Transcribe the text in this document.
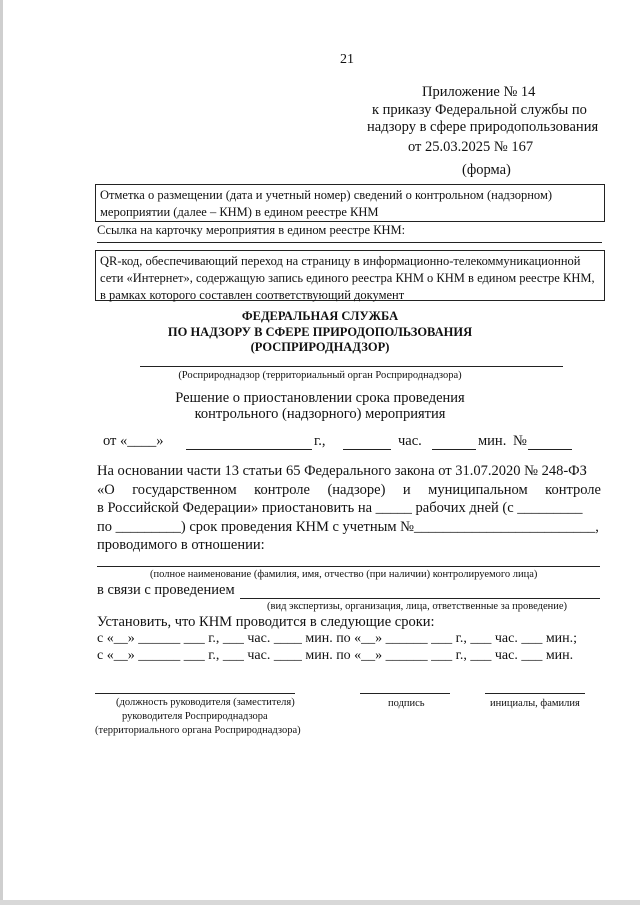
21
Приложение № 14
к приказу Федеральной службы по
надзору в сфере природопользования
от 25.03.2025 № 167
(форма)
Отметка о размещении (дата и учетный номер) сведений о контрольном (надзорном)
мероприятии (далее – КНМ) в едином реестре КНМ
Ссылка на карточку мероприятия в едином реестре КНМ:
QR-код, обеспечивающий переход на страницу в информационно-телекоммуникационной
сети «Интернет», содержащую запись единого реестра КНМ о КНМ в едином реестре КНМ,
в рамках которого составлен соответствующий документ
ФЕДЕРАЛЬНАЯ СЛУЖБА
ПО НАДЗОРУ В СФЕРЕ ПРИРОДОПОЛЬЗОВАНИЯ
(РОСПРИРОДНАДЗОР)
(Росприроднадзор (территориальный орган Росприроднадзора)
Решение о приостановлении срока проведения
контрольного (надзорного) мероприятия
от «____»	г.,	час.	мин. №
На основании части 13 статьи 65 Федерального закона от 31.07.2020 № 248-ФЗ
«О государственном контроле (надзоре) и муниципальном контроле
в Российской Федерации» приостановить на _____ рабочих дней (с _________
по _________) срок проведения КНМ с учетным №_________________________,
проводимого в отношении:
(полное наименование (фамилия, имя, отчество (при наличии) контролируемого лица)
в связи с проведением
(вид экспертизы, организация, лица, ответственные за проведение)
Установить, что КНМ проводится в следующие сроки:
с «__» ______ ___ г., ___ час. ____ мин. по «__» ______ ___ г., ___ час. ___ мин.;
с «__» ______ ___ г., ___ час. ____ мин. по «__» ______ ___ г., ___ час. ___ мин.
(должность руководителя (заместителя)
руководителя Росприроднадзора
(территориального органа Росприроднадзора)
подпись	инициалы, фамилия
